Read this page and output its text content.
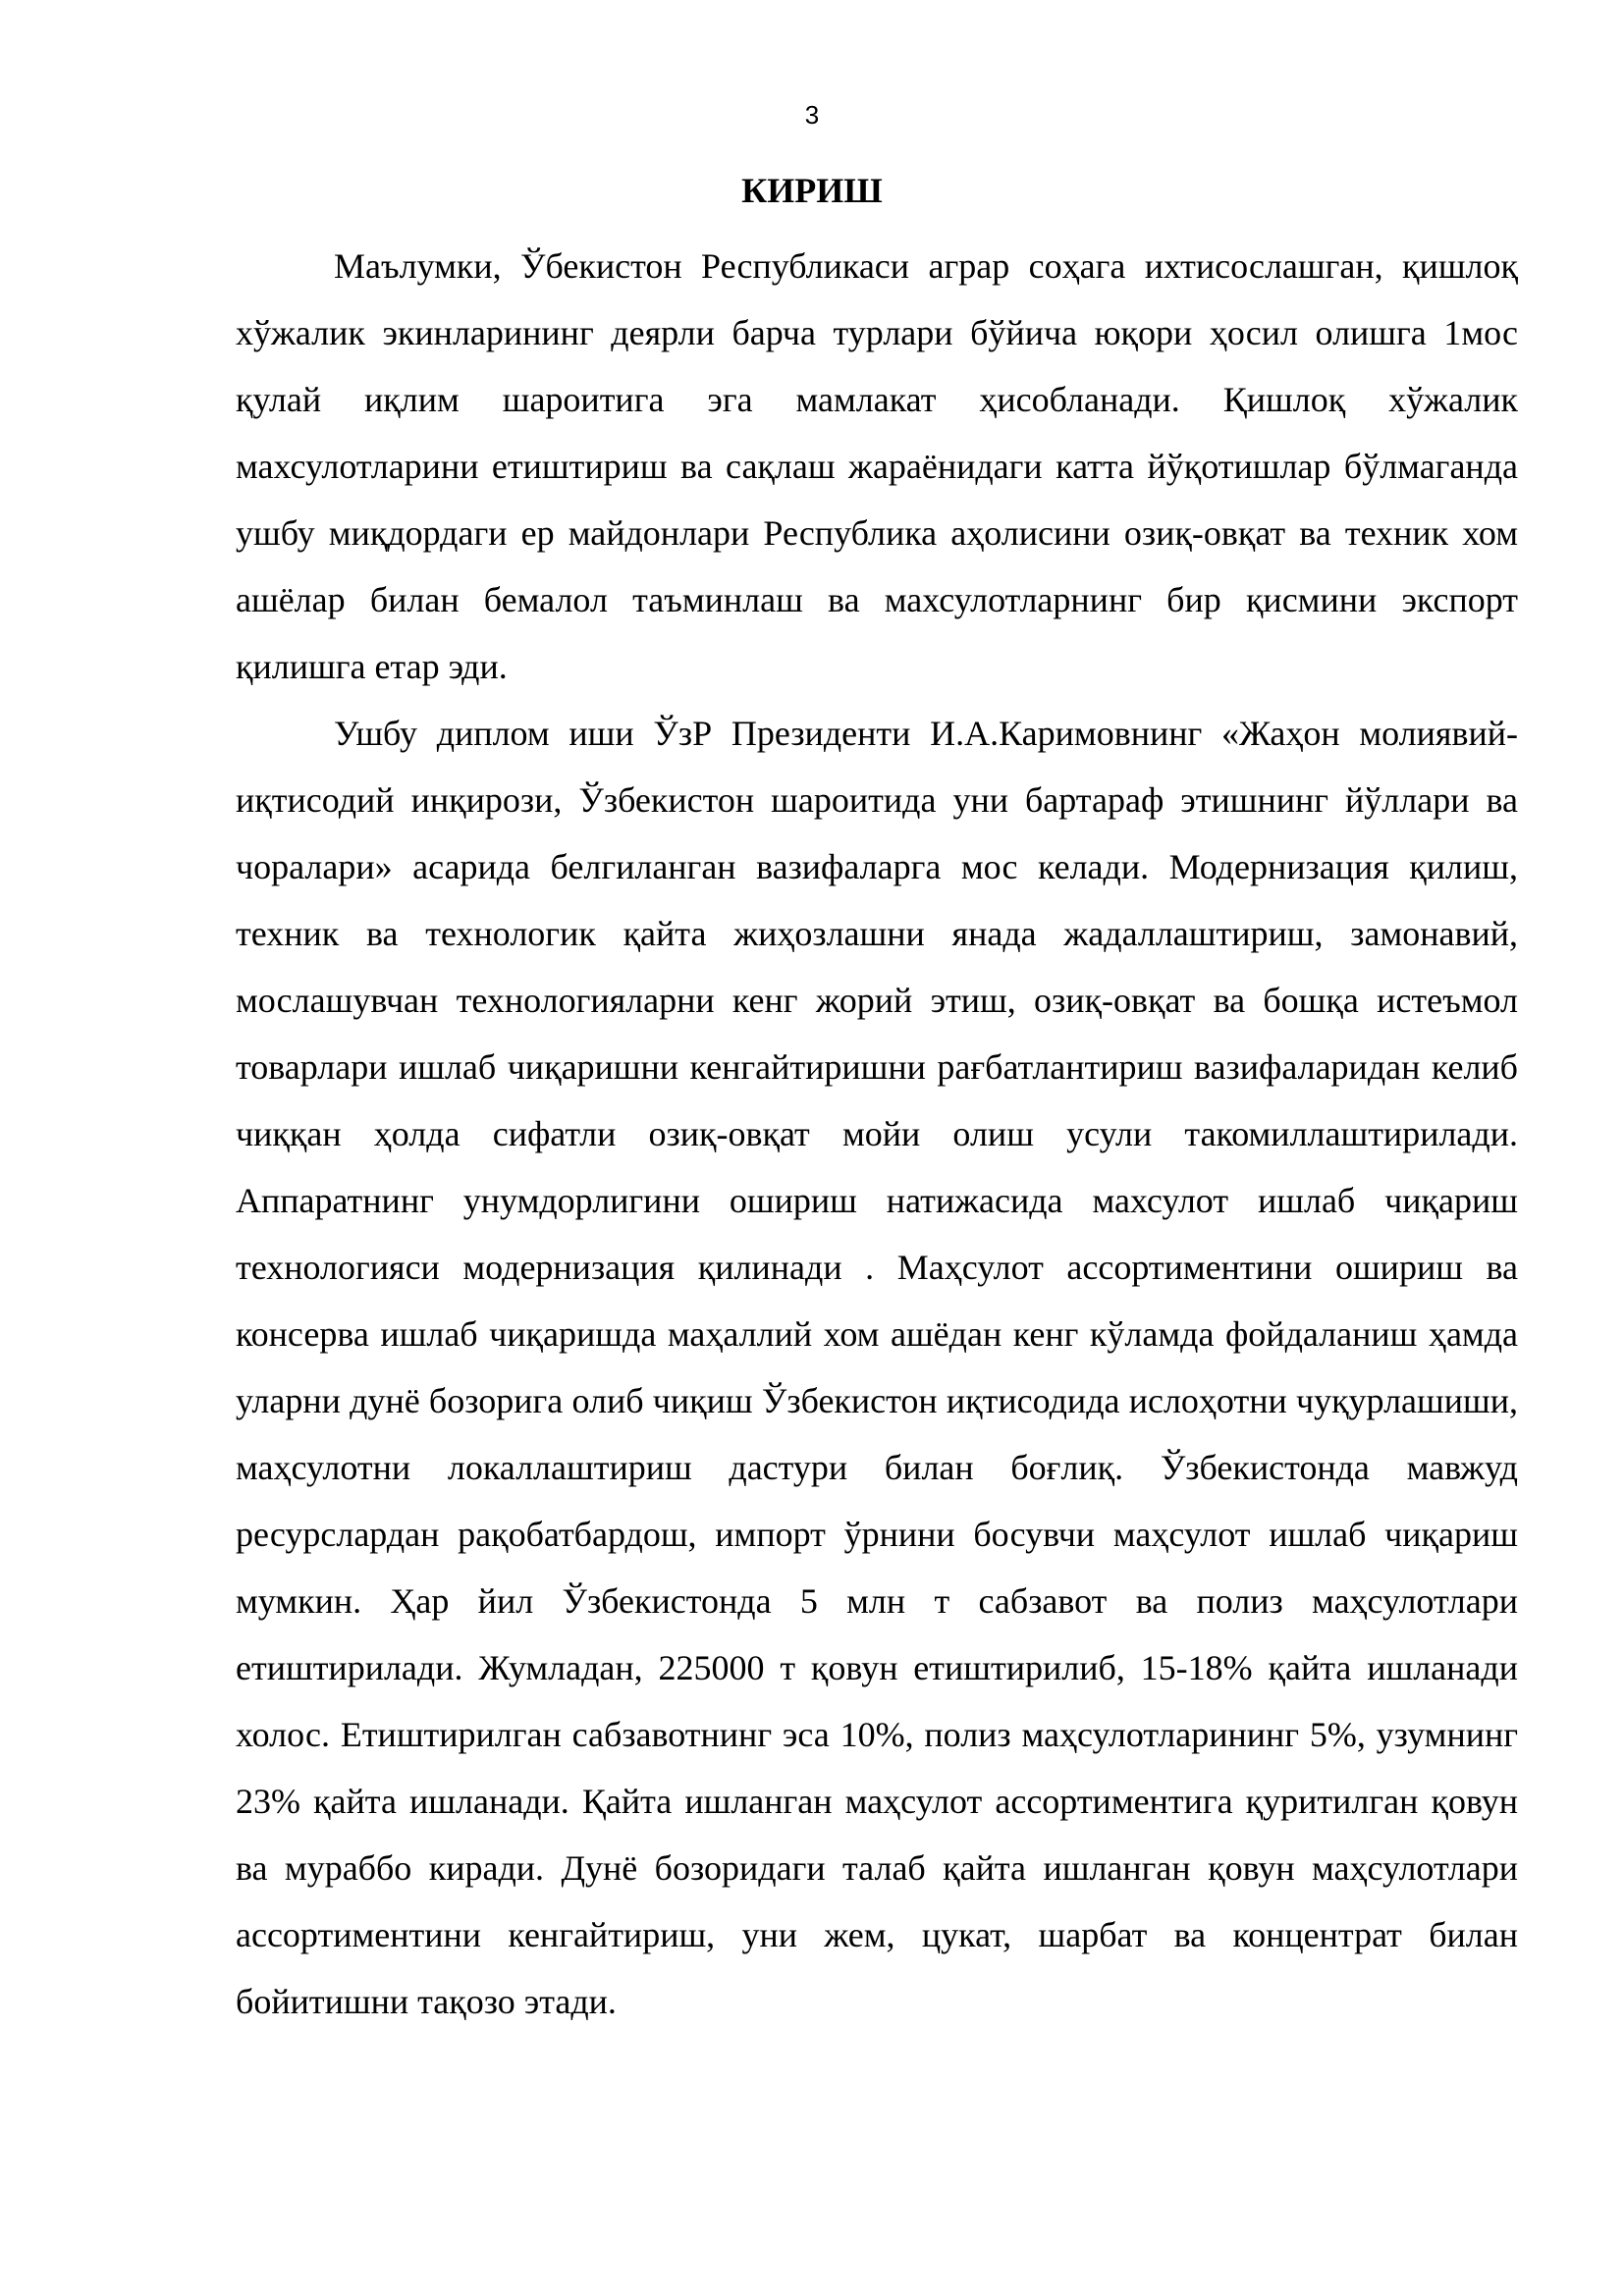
3
КИРИШ

Маълумки, Ўбекистон Республикаси аграр соҳага ихтисослашган, қишлоқ хўжалик экинларининг деярли барча турлари бўйича юқори ҳосил олишга 1мос қулай иқлим шароитига эга мамлакат ҳисобланади. Қишлоқ хўжалик махсулотларини етиштириш ва сақлаш жараёнидаги катта йўқотишлар бўлмаганда ушбу миқдордаги ер майдонлари Республика аҳолисини озиқ-овқат ва техник хом ашёлар билан бемалол таъминлаш ва махсулотларнинг бир қисмини экспорт қилишга етар эди.

Ушбу диплом иши ЎзР Президенти И.А.Каримовнинг «Жаҳон молиявий-иқтисодий инқирози, Ўзбекистон шароитида уни бартараф этишнинг йўллари ва чоралари» асарида белгиланган вазифаларга мос келади. Модернизация қилиш, техник ва технологик қайта жиҳозлашни янада жадаллаштириш, замонавий, мослашувчан технологияларни кенг жорий этиш, озиқ-овқат ва бошқа истеъмол товарлари ишлаб чиқаришни кенгайтиришни рағбатлантириш вазифаларидан келиб чиққан ҳолда сифатли озиқ-овқат мойи олиш усули такомиллаштирилади. Аппаратнинг унумдорлигини ошириш натижасида махсулот ишлаб чиқариш технологияси модернизация қилинади . Маҳсулот ассортиментини ошириш ва консерва ишлаб чиқаришда маҳаллий хом ашёдан кенг кўламда фойдаланиш ҳамда уларни дунё бозорига олиб чиқиш Ўзбекистон иқтисодида ислоҳотни чуқурлашиши, маҳсулотни локаллаштириш дастури билан боғлиқ. Ўзбекистонда мавжуд ресурслардан рақобатбардош, импорт ўрнини босувчи маҳсулот ишлаб чиқариш мумкин. Ҳар йил Ўзбекистонда 5 млн т сабзавот ва полиз маҳсулотлари етиштирилади. Жумладан, 225000 т қовун етиштирилиб, 15-18% қайта ишланади холос. Етиштирилган сабзавотнинг эса 10%, полиз маҳсулотларининг 5%, узумнинг 23% қайта ишланади. Қайта ишланган маҳсулот ассортиментига қуритилган қовун ва мураббо киради. Дунё бозоридаги талаб қайта ишланган қовун маҳсулотлари ассортиментини кенгайтириш, уни жем, цукат, шарбат ва концентрат билан бойитишни тақозо этади.
